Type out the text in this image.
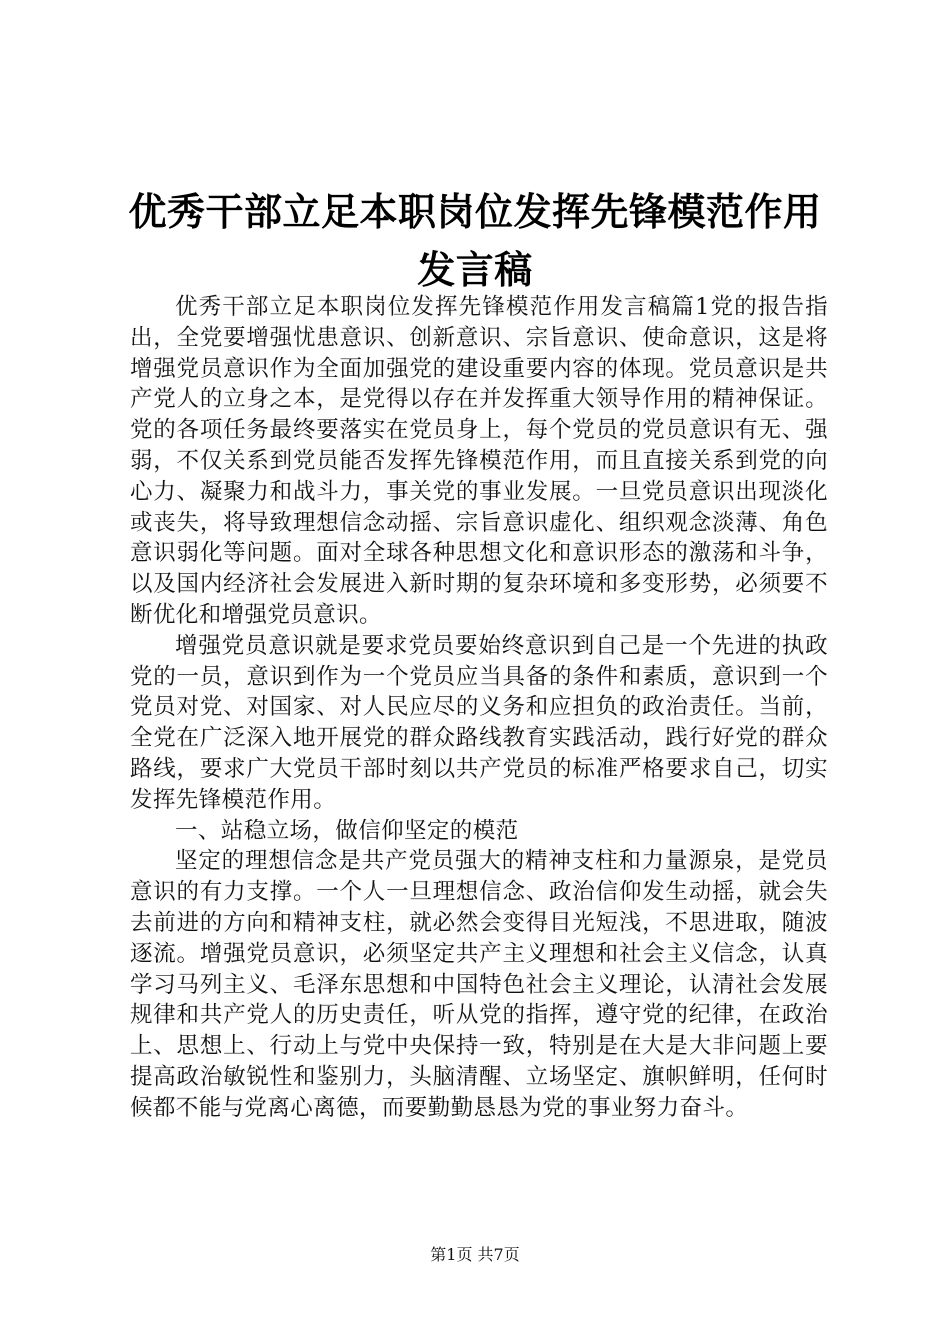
优秀干部立足本职岗位发挥先锋模范作用发言稿

优秀干部立足本职岗位发挥先锋模范作用发言稿篇1党的报告指出，全党要增强忧患意识、创新意识、宗旨意识、使命意识，这是将增强党员意识作为全面加强党的建设重要内容的体现。党员意识是共产党人的立身之本，是党得以存在并发挥重大领导作用的精神保证。党的各项任务最终要落实在党员身上，每个党员的党员意识有无、强弱，不仅关系到党员能否发挥先锋模范作用，而且直接关系到党的向心力、凝聚力和战斗力，事关党的事业发展。一旦党员意识出现淡化或丧失，将导致理想信念动摇、宗旨意识虚化、组织观念淡薄、角色意识弱化等问题。面对全球各种思想文化和意识形态的激荡和斗争，以及国内经济社会发展进入新时期的复杂环境和多变形势，必须要不断优化和增强党员意识。

增强党员意识就是要求党员要始终意识到自己是一个先进的执政党的一员，意识到作为一个党员应当具备的条件和素质，意识到一个党员对党、对国家、对人民应尽的义务和应担负的政治责任。当前，全党在广泛深入地开展党的群众路线教育实践活动，践行好党的群众路线，要求广大党员干部时刻以共产党员的标准严格要求自己，切实发挥先锋模范作用。

一、站稳立场，做信仰坚定的模范

坚定的理想信念是共产党员强大的精神支柱和力量源泉，是党员意识的有力支撑。一个人一旦理想信念、政治信仰发生动摇，就会失去前进的方向和精神支柱，就必然会变得目光短浅，不思进取，随波逐流。增强党员意识，必须坚定共产主义理想和社会主义信念，认真学习马列主义、毛泽东思想和中国特色社会主义理论，认清社会发展规律和共产党人的历史责任，听从党的指挥，遵守党的纪律，在政治上、思想上、行动上与党中央保持一致，特别是在大是大非问题上要提高政治敏锐性和鉴别力，头脑清醒、立场坚定、旗帜鲜明，任何时候都不能与党离心离德，而要勤勤恳恳为党的事业努力奋斗。

第1页 共7页
